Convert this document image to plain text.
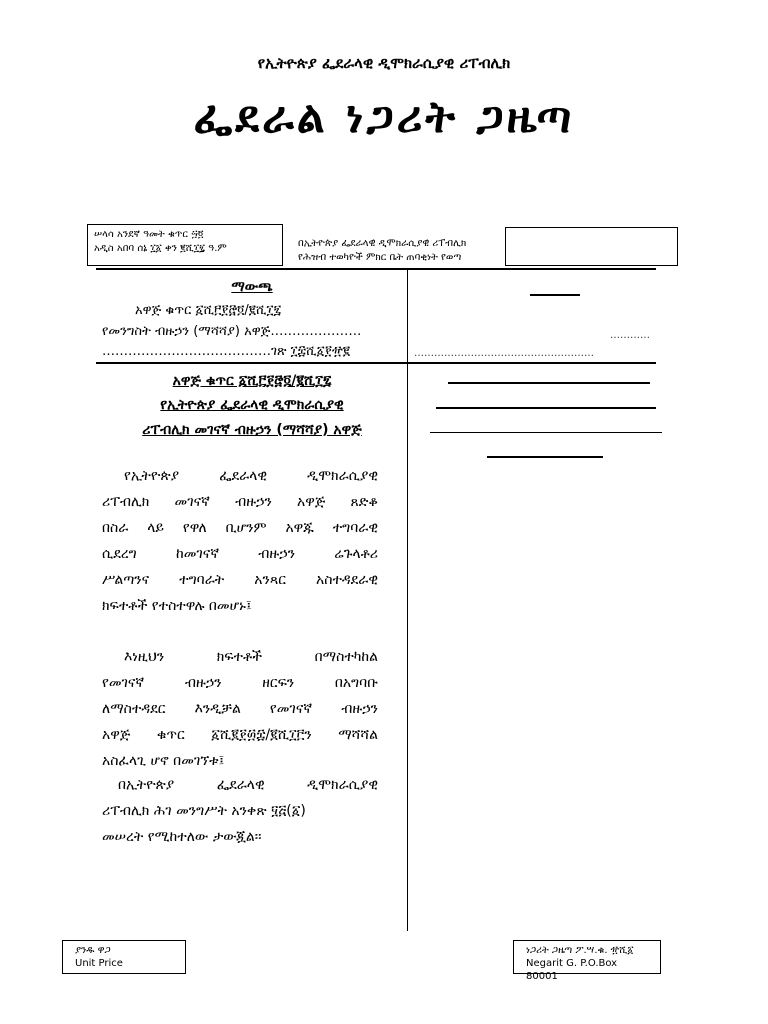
የኢትዮጵያ ፌደራላዊ ዲሞክራሲያዊ ሪፐብሊክ
ፌደራል ነጋሪት ጋዜጣ
ሠላሳ አንደኛ ዓመት ቁጥር ፵፬
አዲስ አበባ ሰኔ ፲፩ ቀን ፪ሺ፲፯ ዓ.ም	በኢትዮጵያ ፌደራላዊ ዲሞክራሲያዊ ሪፐብሊክ
የሕዝብ ተወካዮች ምክር ቤት ጠባቂነት የወጣ
ማውጫ
አዋጅ ቁጥር ፩ሺ፫፻፸፬/፪ሺ፲፯
የመንግስት ብዙኃን (ማሻሻያ) አዋጅ…………………
…………………………………ገጽ ፲፰ሺ፩፻፹፪
…………
………………………………………………
አዋጅ ቁጥር ፩ሺ፫፻፸፬/፪ሺ፲፯
የኢትዮጵያ ፌደራላዊ ዲሞክራሲያዊ
ሪፐብሊክ መገናኛ ብዙኃን (ማሻሻያ) አዋጅ
የኢትዮጵያ ፌደራላዊ ዲሞክራሲያዊ
ሪፐብሊክ መገናኛ ብዙኃን አዋጅ ጸድቆ
በስራ ላይ የዋለ ቢሆንም አዋጁ ተግባራዊ
ሲደረግ ከመገናኛ ብዙኃን ሬጉላቶሪ
ሥልጣንና ተግባራት አንጻር አስተዳደራዊ
ክፍተቶች የተስተዋሉ በመሆኑ፤
እነዚህን ክፍተቶች በማስተካከል
የመገናኛ ብዙኃን ዘርፍን በአግባቡ
ለማስተዳደር እንዲቻል የመገናኛ ብዙኃን
አዋጅ ቁጥር ፩ሺ፪፻፴፰/፪ሺ፲፫ን ማሻሻል
አስፈላጊ ሆኖ በመገኘቱ፤
በኢትዮጵያ ፌደራላዊ ዲሞክራሲያዊ
ሪፐብሊክ ሕገ መንግሥት አንቀጽ ፶፭(፩)
መሠረት የሚከተለው ታውጇል፡፡
ያንዱ ዋጋ
Unit Price
ነጋሪት ጋዜጣ ፖ.ሣ.ቁ. ፹ሺ፩
Negarit G. P.O.Box 80001
